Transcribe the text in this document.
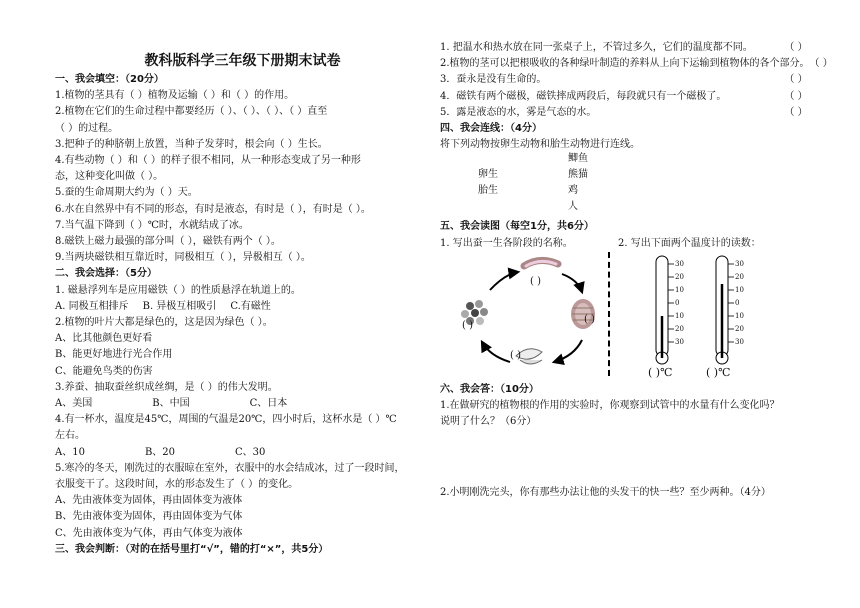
教科版科学三年级下册期末试卷
一、我会填空：（20分）
1.植物的茎具有（ ）植物及运输（ ）和（ ）的作用。
2.植物在它们的生命过程中都要经历（ ）、（ ）、（ ）、（ ）直至
（ ）的过程。
3.把种子的种脐朝上放置，当种子发芽时，根会向（ ）生长。
4.有些动物（ ）和（ ）的样子很不相同，从一种形态变成了另一种形
态，这种变化叫做（ ）。
5.蚕的生命周期大约为（ ）天。
6.水在自然界中有不同的形态，有时是液态，有时是（ ），有时是（ ）。
7.当气温下降到（ ）℃时，水就结成了冰。
8.磁铁上磁力最强的部分叫（ ），磁铁有两个（ ）。
9.当两块磁铁相互靠近时，同极相互（ ），异极相互（ ）。
二、我会选择：（5分）
1. 磁悬浮列车是应用磁铁（ ）的性质悬浮在轨道上的。
A. 同极互相排斥 B. 异极互相吸引 C.有磁性
2.植物的叶片大都是绿色的，这是因为绿色（ ）。
A、比其他颜色更好看
B、能更好地进行光合作用
C、能避免鸟类的伤害
3.养蚕、抽取蚕丝织成丝绸，是（ ）的伟大发明。
A、美国	B、中国	C、日本
4.有一杯水，温度是45℃，周围的气温是20℃，四小时后，这杯水是（ ）℃
左右。
A、10	B、20	C、30
5.寒冷的冬天，刚洗过的衣服晾在室外，衣服中的水会结成冰，过了一段时间，
衣服变干了。这段时间，水的形态发生了（ ）的变化。
A、先由液体变为固体，再由固体变为液体
B、先由液体变为固体，再由固体变为气体
C、先由液体变为气体，再由气体变为液体
三、我会判断：（对的在括号里打“√”，错的打“×”，共5分）
1. 把温水和热水放在同一张桌子上，不管过多久，它们的温度都不同。	（ ）
2.植物的茎可以把根吸收的各种绿叶制造的养料从上向下运输到植物体的各个部分。 （ ）
3．蚕永是没有生命的。	（ ）
4．磁铁有两个磁极，磁铁摔成两段后，每段就只有一个磁极了。	（ ）
5．露是液态的水，雾是气态的水。	（ ）
四、我会连线：（4分）
将下列动物按卵生动物和胎生动物进行连线。
鲫鱼
卵生	熊猫
胎生	鸡
人
五、我会读图（每空1分，共6分）
1. 写出蚕一生各阶段的名称。	2. 写出下面两个温度计的读数：
( )
( )
( )
( )
30
20
10
0
10
20
30
30
20
10
0
10
20
30
( )℃	( )℃
六、我会答：（10分）
1.在做研究的植物根的作用的实验时，你观察到试管中的水量有什么变化吗？
说明了什么？（6分）
2.小明刚洗完头，你有那些办法让他的头发干的快一些？至少两种。（4分）
